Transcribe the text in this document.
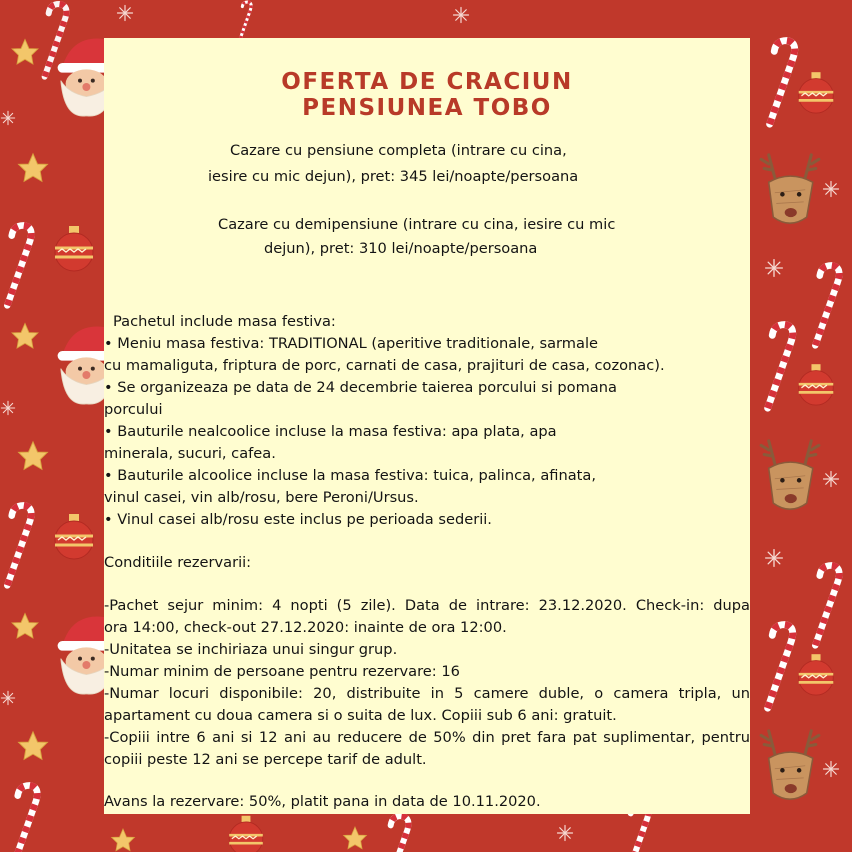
OFERTA DE CRACIUN
PENSIUNEA TOBO
Cazare cu pensiune completa (intrare cu cina,
iesire cu mic dejun), pret: 345 lei/noapte/persoana
Cazare cu demipensiune (intrare cu cina, iesire cu mic
dejun), pret: 310 lei/noapte/persoana
Pachetul include masa festiva:
• Meniu masa festiva: TRADITIONAL (aperitive traditionale, sarmale
cu mamaliguta, friptura de porc, carnati de casa, prajituri de casa, cozonac).
• Se organizeaza pe data de 24 decembrie taierea porcului si pomana
porcului
• Bauturile nealcoolice incluse la masa festiva: apa plata, apa
minerala, sucuri, cafea.
• Bauturile alcoolice incluse la masa festiva: tuica, palinca, afinata,
vinul casei, vin alb/rosu, bere Peroni/Ursus.
• Vinul casei alb/rosu este inclus pe perioada sederii.
Conditiile rezervarii:
-Pachet sejur minim: 4 nopti (5 zile). Data de intrare: 23.12.2020. Check-in: dupa
ora 14:00, check-out 27.12.2020: inainte de ora 12:00.
-Unitatea se inchiriaza unui singur grup.
-Numar minim de persoane pentru rezervare: 16
-Numar locuri disponibile: 20, distribuite in 5 camere duble, o camera tripla, un
apartament cu doua camera si o suita de lux. Copiii sub 6 ani: gratuit.
-Copiii intre 6 ani si 12 ani au reducere de 50% din pret fara pat suplimentar, pentru
copiii peste 12 ani se percepe tarif de adult.
Avans la rezervare: 50%, platit pana in data de 10.11.2020.
